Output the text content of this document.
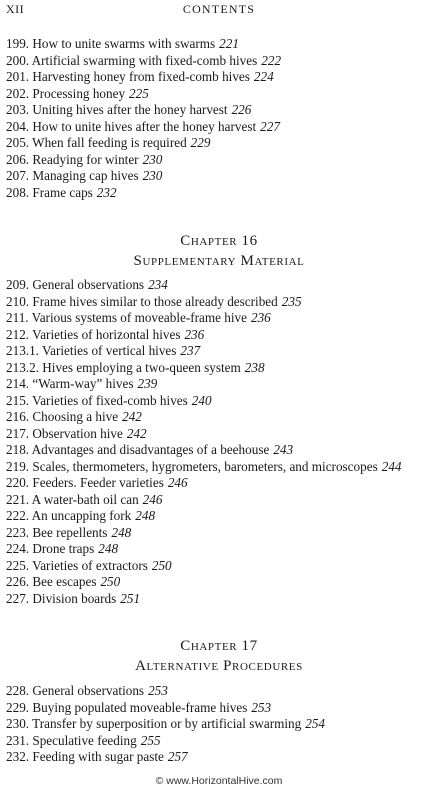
XII	CONTENTS
199. How to unite swarms with swarms 221
200. Artificial swarming with fixed-comb hives 222
201. Harvesting honey from fixed-comb hives 224
202. Processing honey 225
203. Uniting hives after the honey harvest 226
204. How to unite hives after the honey harvest 227
205. When fall feeding is required 229
206. Readying for winter 230
207. Managing cap hives 230
208. Frame caps 232
Chapter 16
Supplementary Material
209. General observations 234
210. Frame hives similar to those already described 235
211. Various systems of moveable-frame hive 236
212. Varieties of horizontal hives 236
213.1. Varieties of vertical hives 237
213.2. Hives employing a two-queen system 238
214. “Warm-way” hives 239
215. Varieties of fixed-comb hives 240
216. Choosing a hive 242
217. Observation hive 242
218. Advantages and disadvantages of a beehouse 243
219. Scales, thermometers, hygrometers, barometers, and microscopes 244
220. Feeders. Feeder varieties 246
221. A water-bath oil can 246
222. An uncapping fork 248
223. Bee repellents 248
224. Drone traps 248
225. Varieties of extractors 250
226. Bee escapes 250
227. Division boards 251
Chapter 17
Alternative Procedures
228. General observations 253
229. Buying populated moveable-frame hives 253
230. Transfer by superposition or by artificial swarming 254
231. Speculative feeding 255
232. Feeding with sugar paste 257
© www.HorizontalHive.com
